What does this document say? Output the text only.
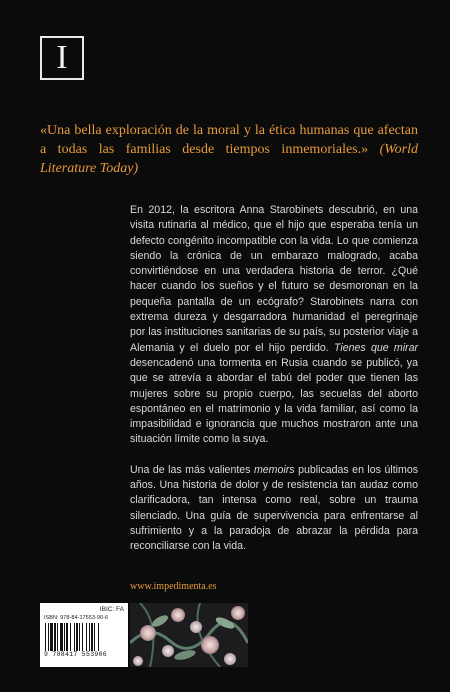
I
«Una bella exploración de la moral y la ética humanas que afectan a todas las familias desde tiempos inmemoriales.» (World Literature Today)

En 2012, la escritora Anna Starobinets descubrió, en una visita rutinaria al médico, que el hijo que esperaba tenía un defecto congénito incompatible con la vida. Lo que comienza siendo la crónica de un embarazo malogrado, acaba convirtiéndose en una verdadera historia de terror. ¿Qué hacer cuando los sueños y el futuro se desmoronan en la pequeña pantalla de un ecógrafo? Starobinets narra con extrema dureza y desgarradora humanidad el peregrinaje por las instituciones sanitarias de su país, su posterior viaje a Alemania y el duelo por el hijo perdido. Tienes que mirar desencadenó una tormenta en Rusia cuando se publicó, ya que se atrevía a abordar el tabú del poder que tienen las mujeres sobre su propio cuerpo, las secuelas del aborto espontáneo en el matrimonio y la vida familiar, así como la impasibilidad e ignorancia que muchos mostraron ante una situación límite como la suya.

Una de las más valientes memoirs publicadas en los últimos años. Una historia de dolor y de resistencia tan audaz como clarificadora, tan intensa como real, sobre un trauma silenciado. Una guía de supervivencia para enfrentarse al sufrimiento y a la paradoja de abrazar la pérdida para reconciliarse con la vida.

www.impedimenta.es
IBIC: FA
ISBN: 978-84-17553-90-6
9 788417 553906
